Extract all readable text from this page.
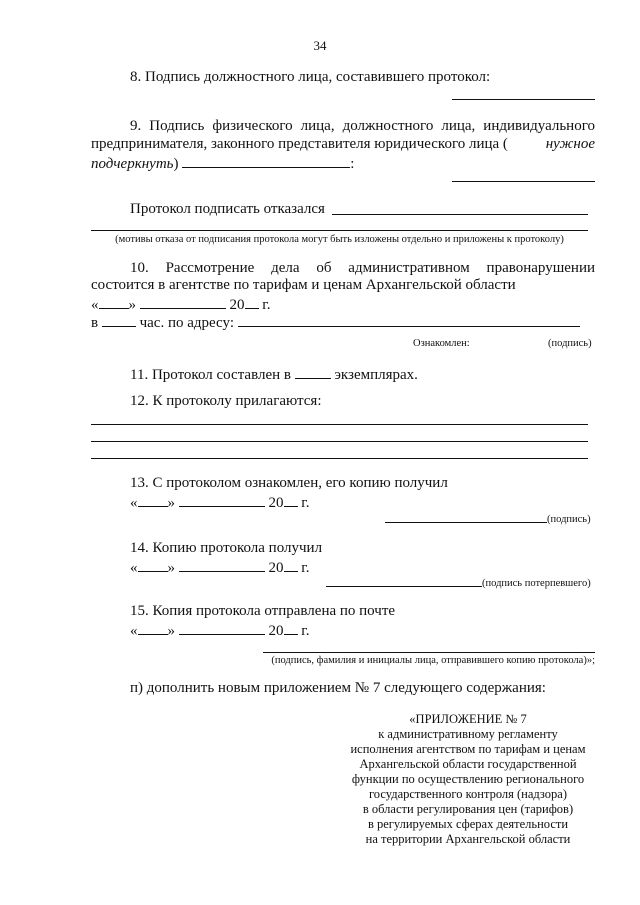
34
8. Подпись должностного лица, составившего протокол:
9. Подпись физического лица, должностного лица, индивидуального
предпринимателя, законного представителя юридического лица (	нужное
подчеркнуть)	:
Протокол подписать отказался
(мотивы отказа от подписания протокола могут быть изложены отдельно и приложены к протоколу)
10. Рассмотрение дела об административном правонарушении
состоится в агентстве по тарифам и ценам Архангельской области
« »	20 г.
в	час. по адресу:
Ознакомлен:	(подпись)
11. Протокол составлен в	экземплярах.
12. К протоколу прилагаются:
13. С протоколом ознакомлен, его копию получил
« »	20 г.
(подпись)
14. Копию протокола получил
« »	20 г.
(подпись потерпевшего)
15. Копия протокола отправлена по почте
« »	20 г.
(подпись, фамилия и инициалы лица, отправившего копию протокола)»;
п) дополнить новым приложением № 7 следующего содержания:
«ПРИЛОЖЕНИЕ № 7
к административному регламенту
исполнения агентством по тарифам и ценам
Архангельской области государственной
функции по осуществлению регионального
государственного контроля (надзора)
в области регулирования цен (тарифов)
в регулируемых сферах деятельности
на территории Архангельской области
